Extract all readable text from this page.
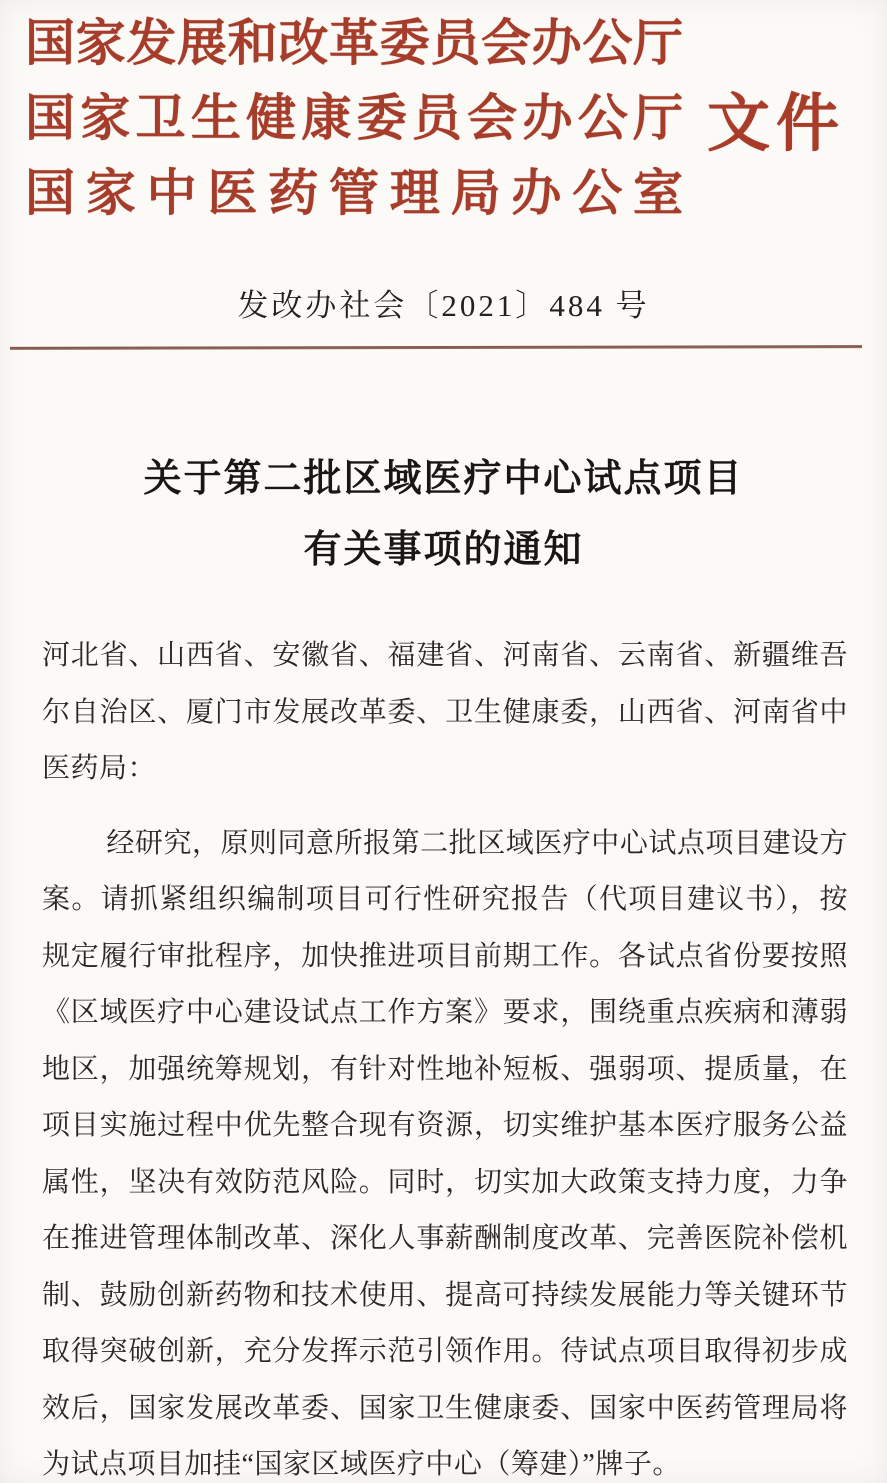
国家发展和改革委员会办公厅
国家卫生健康委员会办公厅
国家中医药管理局办公室
文件
发改办社会〔2021〕484 号
关于第二批区域医疗中心试点项目
有关事项的通知

河北省、山西省、安徽省、福建省、河南省、云南省、新疆维吾尔自治区、厦门市发展改革委、卫生健康委，山西省、河南省中医药局：

经研究，原则同意所报第二批区域医疗中心试点项目建设方案。请抓紧组织编制项目可行性研究报告（代项目建议书），按规定履行审批程序，加快推进项目前期工作。各试点省份要按照《区域医疗中心建设试点工作方案》要求，围绕重点疾病和薄弱地区，加强统筹规划，有针对性地补短板、强弱项、提质量，在项目实施过程中优先整合现有资源，切实维护基本医疗服务公益属性，坚决有效防范风险。同时，切实加大政策支持力度，力争在推进管理体制改革、深化人事薪酬制度改革、完善医院补偿机制、鼓励创新药物和技术使用、提高可持续发展能力等关键环节取得突破创新，充分发挥示范引领作用。待试点项目取得初步成效后，国家发展改革委、国家卫生健康委、国家中医药管理局将为试点项目加挂“国家区域医疗中心（筹建）”牌子。
